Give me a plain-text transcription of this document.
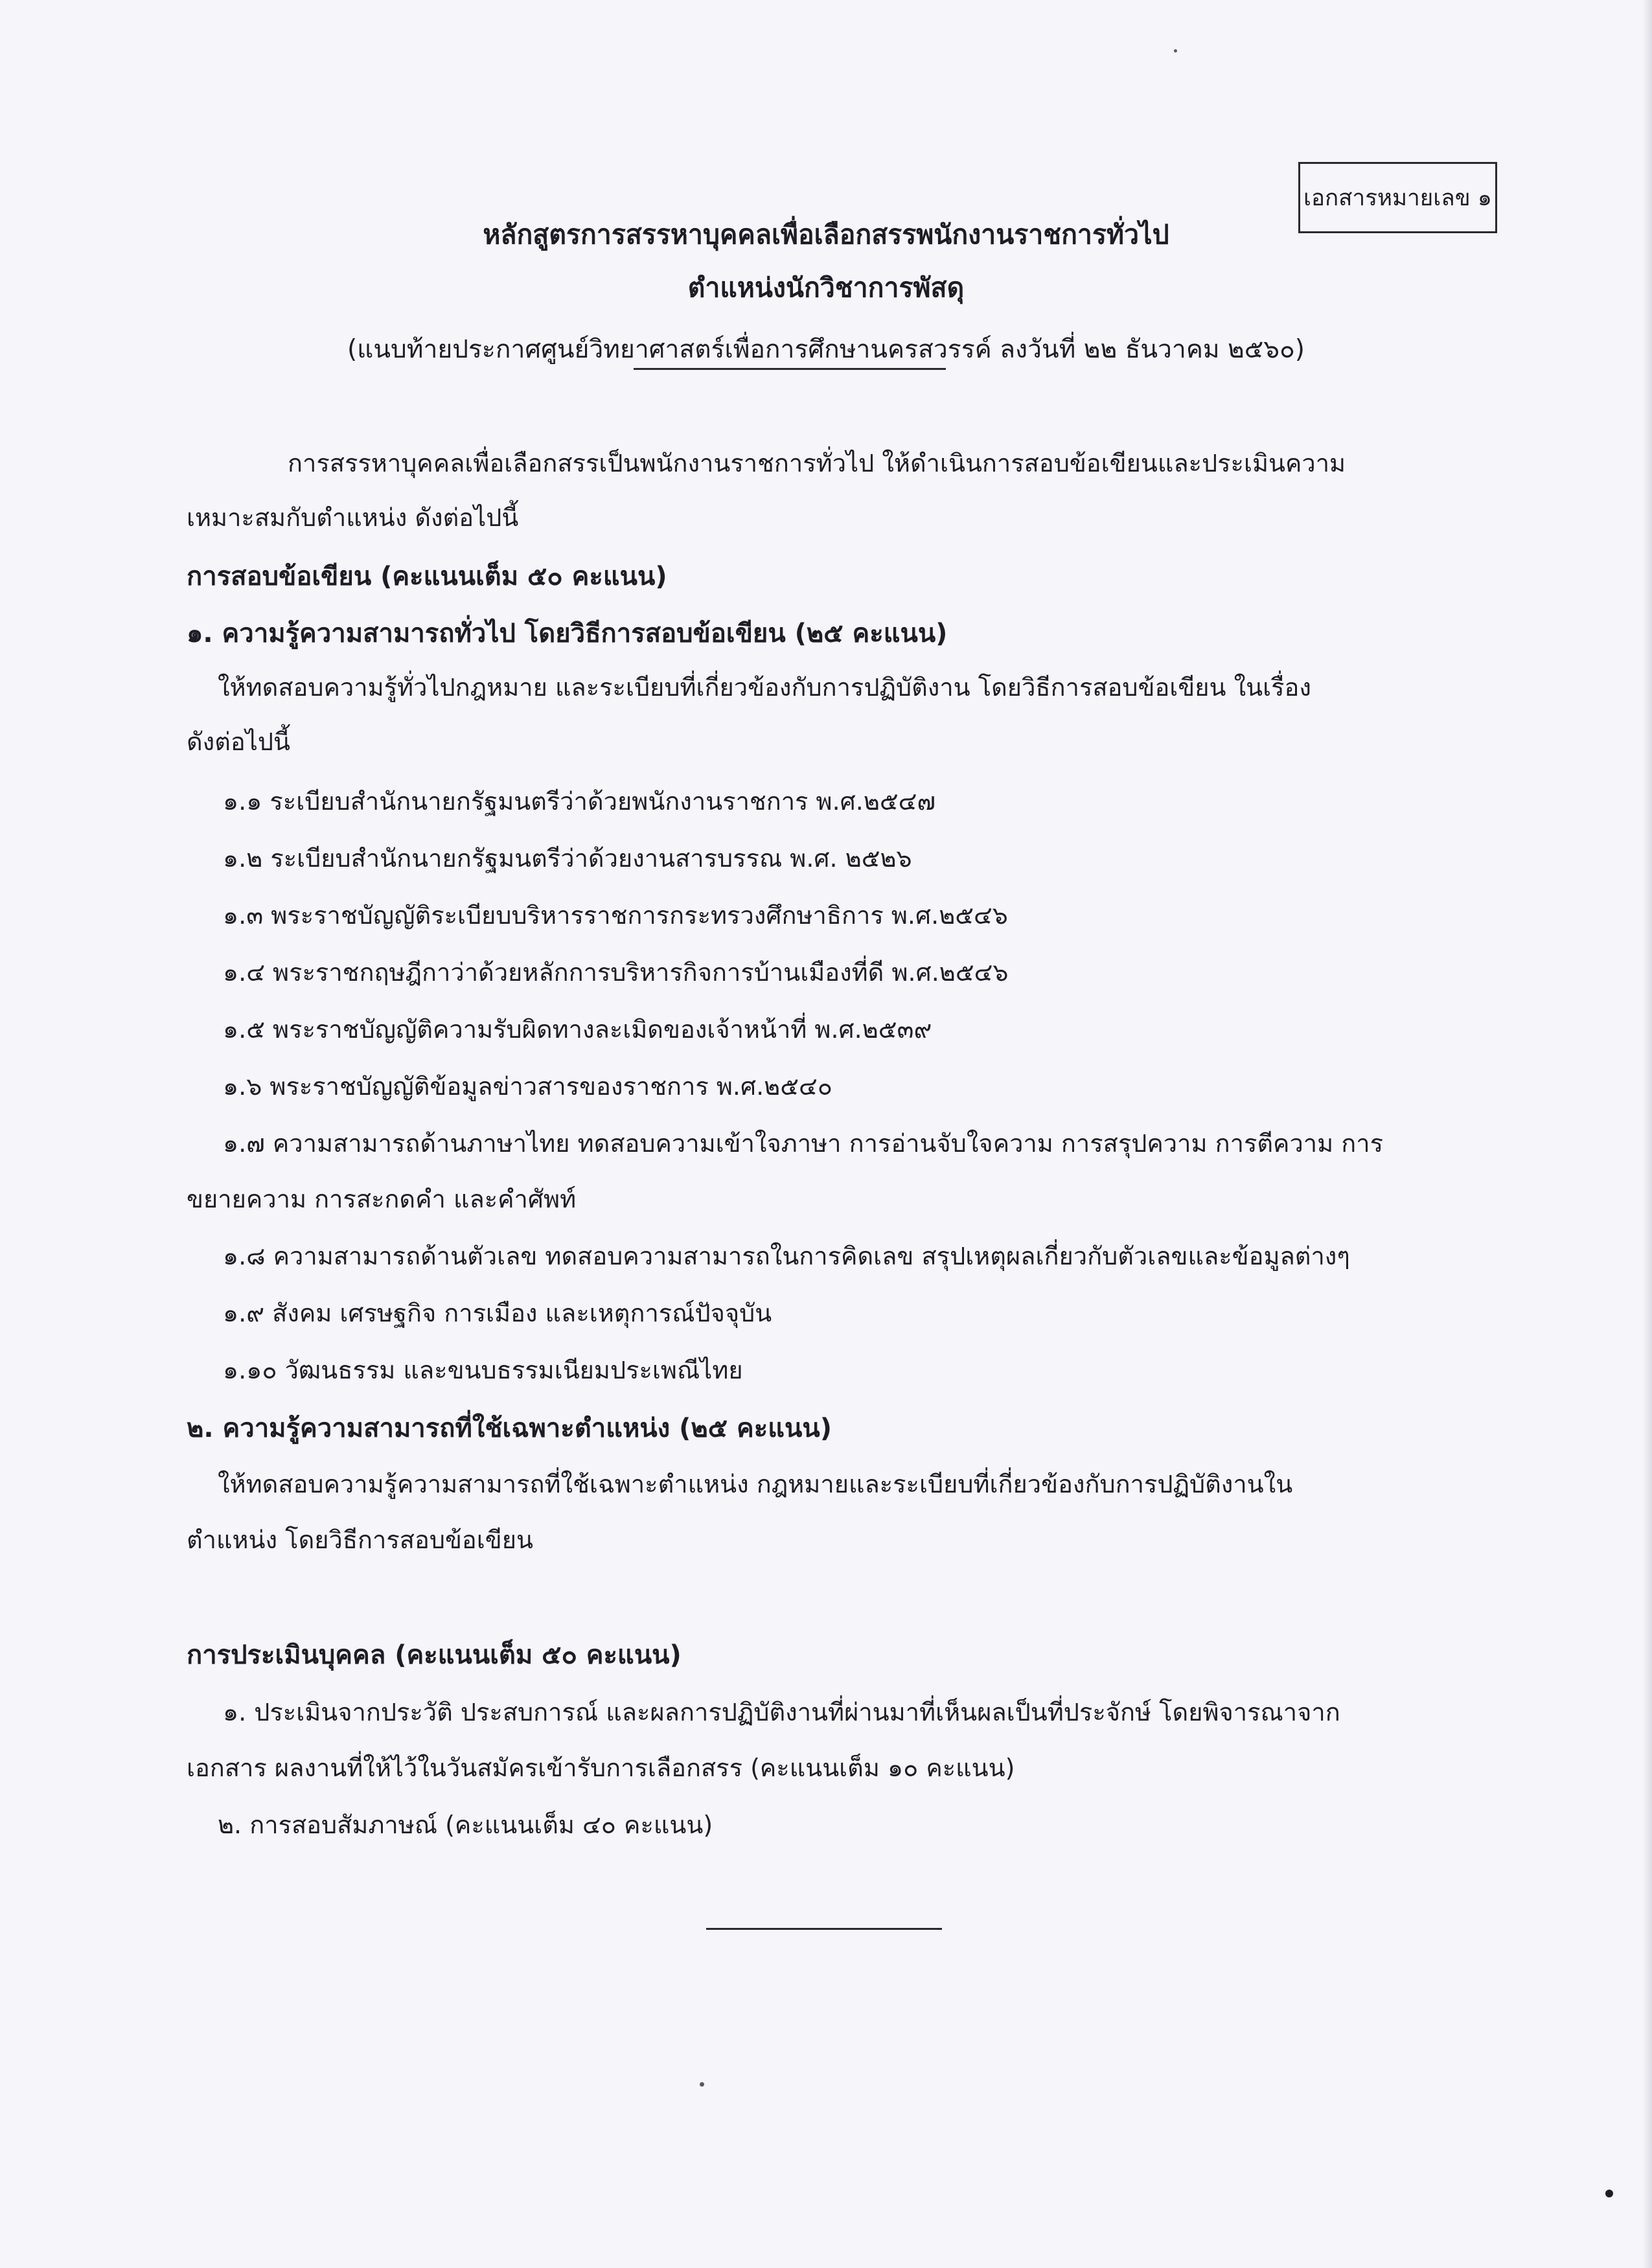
เอกสารหมายเลข ๑
หลักสูตรการสรรหาบุคคลเพื่อเลือกสรรพนักงานราชการทั่วไป
ตำแหน่งนักวิชาการพัสดุ
(แนบท้ายประกาศศูนย์วิทยาศาสตร์เพื่อการศึกษานครสวรรค์ ลงวันที่ ๒๒ ธันวาคม ๒๕๖๐)
การสรรหาบุคคลเพื่อเลือกสรรเป็นพนักงานราชการทั่วไป ให้ดำเนินการสอบข้อเขียนและประเมินความ
เหมาะสมกับตำแหน่ง ดังต่อไปนี้
การสอบข้อเขียน (คะแนนเต็ม ๕๐ คะแนน)
๑. ความรู้ความสามารถทั่วไป โดยวิธีการสอบข้อเขียน (๒๕ คะแนน)
ให้ทดสอบความรู้ทั่วไปกฎหมาย และระเบียบที่เกี่ยวข้องกับการปฏิบัติงาน โดยวิธีการสอบข้อเขียน ในเรื่อง
ดังต่อไปนี้
๑.๑ ระเบียบสำนักนายกรัฐมนตรีว่าด้วยพนักงานราชการ พ.ศ.๒๕๔๗
๑.๒ ระเบียบสำนักนายกรัฐมนตรีว่าด้วยงานสารบรรณ พ.ศ. ๒๕๒๖
๑.๓ พระราชบัญญัติระเบียบบริหารราชการกระทรวงศึกษาธิการ พ.ศ.๒๕๔๖
๑.๔ พระราชกฤษฎีกาว่าด้วยหลักการบริหารกิจการบ้านเมืองที่ดี พ.ศ.๒๕๔๖
๑.๕ พระราชบัญญัติความรับผิดทางละเมิดของเจ้าหน้าที่ พ.ศ.๒๕๓๙
๑.๖ พระราชบัญญัติข้อมูลข่าวสารของราชการ พ.ศ.๒๕๔๐
๑.๗ ความสามารถด้านภาษาไทย ทดสอบความเข้าใจภาษา การอ่านจับใจความ การสรุปความ การตีความ การ
ขยายความ การสะกดคำ และคำศัพท์
๑.๘ ความสามารถด้านตัวเลข ทดสอบความสามารถในการคิดเลข สรุปเหตุผลเกี่ยวกับตัวเลขและข้อมูลต่างๆ
๑.๙ สังคม เศรษฐกิจ การเมือง และเหตุการณ์ปัจจุบัน
๑.๑๐ วัฒนธรรม และขนบธรรมเนียมประเพณีไทย
๒. ความรู้ความสามารถที่ใช้เฉพาะตำแหน่ง (๒๕ คะแนน)
ให้ทดสอบความรู้ความสามารถที่ใช้เฉพาะตำแหน่ง กฎหมายและระเบียบที่เกี่ยวข้องกับการปฏิบัติงานใน
ตำแหน่ง โดยวิธีการสอบข้อเขียน
การประเมินบุคคล (คะแนนเต็ม ๕๐ คะแนน)
๑. ประเมินจากประวัติ ประสบการณ์ และผลการปฏิบัติงานที่ผ่านมาที่เห็นผลเป็นที่ประจักษ์ โดยพิจารณาจาก
เอกสาร ผลงานที่ให้ไว้ในวันสมัครเข้ารับการเลือกสรร (คะแนนเต็ม ๑๐ คะแนน)
๒. การสอบสัมภาษณ์ (คะแนนเต็ม ๔๐ คะแนน)
